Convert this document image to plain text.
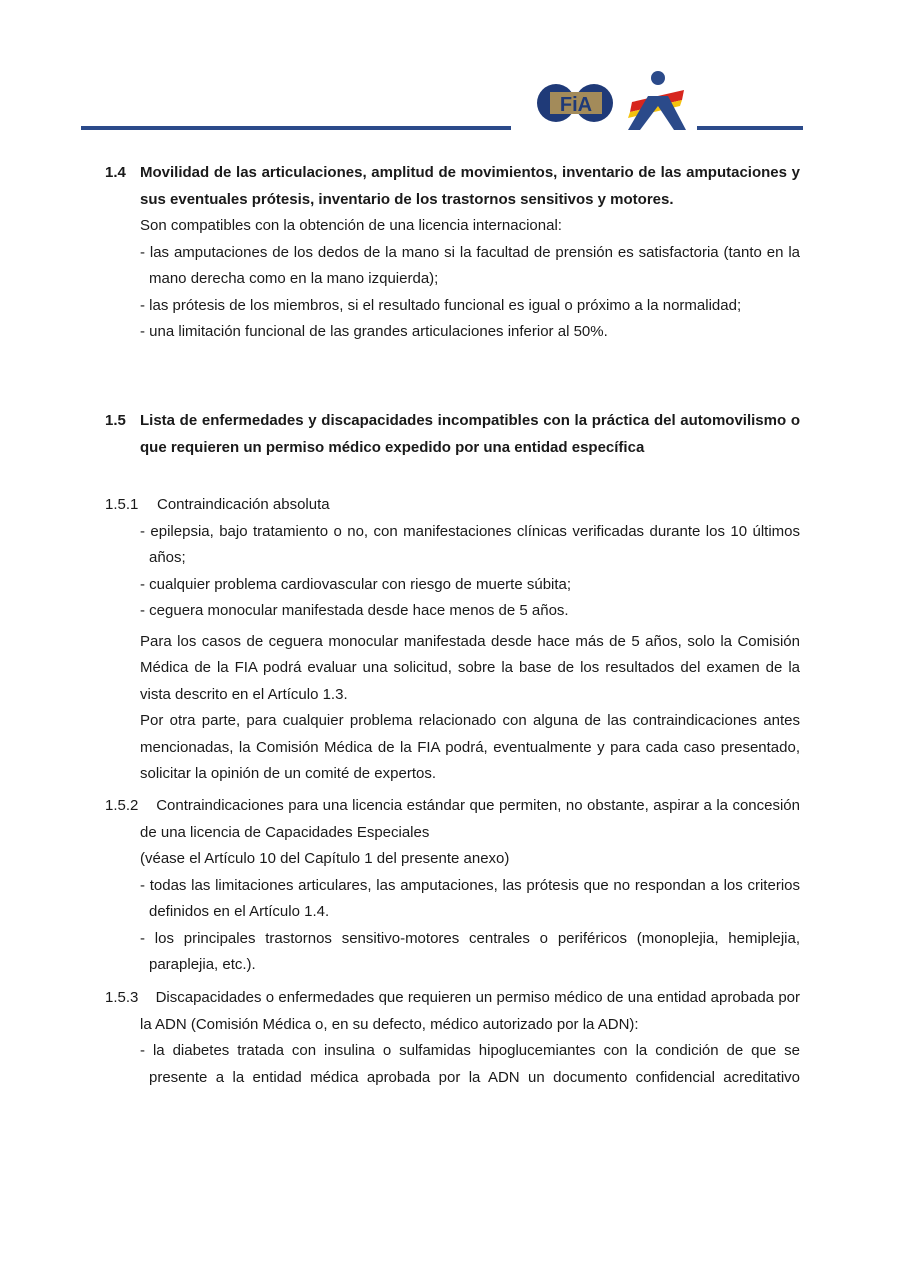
FiA
1.4 Movilidad de las articulaciones, amplitud de movimientos, inventario de las amputaciones y sus eventuales prótesis, inventario de los trastornos sensitivos y motores.
Son compatibles con la obtención de una licencia internacional:
- las amputaciones de los dedos de la mano si la facultad de prensión es satisfactoria (tanto en la mano derecha como en la mano izquierda);
- las prótesis de los miembros, si el resultado funcional es igual o próximo a la normalidad;
- una limitación funcional de las grandes articulaciones inferior al 50%.
1.5 Lista de enfermedades y discapacidades incompatibles con la práctica del automovilismo o que requieren un permiso médico expedido por una entidad específica
1.5.1 Contraindicación absoluta
- epilepsia, bajo tratamiento o no, con manifestaciones clínicas verificadas durante los 10 últimos años;
- cualquier problema cardiovascular con riesgo de muerte súbita;
- ceguera monocular manifestada desde hace menos de 5 años.
Para los casos de ceguera monocular manifestada desde hace más de 5 años, solo la Comisión Médica de la FIA podrá evaluar una solicitud, sobre la base de los resultados del examen de la vista descrito en el Artículo 1.3.
Por otra parte, para cualquier problema relacionado con alguna de las contraindicaciones antes mencionadas, la Comisión Médica de la FIA podrá, eventualmente y para cada caso presentado, solicitar la opinión de un comité de expertos.
1.5.2 Contraindicaciones para una licencia estándar que permiten, no obstante, aspirar a la concesión de una licencia de Capacidades Especiales
(véase el Artículo 10 del Capítulo 1 del presente anexo)
- todas las limitaciones articulares, las amputaciones, las prótesis que no respondan a los criterios definidos en el Artículo 1.4.
- los principales trastornos sensitivo-motores centrales o periféricos (monoplejia, hemiplejia, paraplejia, etc.).
1.5.3 Discapacidades o enfermedades que requieren un permiso médico de una entidad aprobada por la ADN (Comisión Médica o, en su defecto, médico autorizado por la ADN):
- la diabetes tratada con insulina o sulfamidas hipoglucemiantes con la condición de que se presente a la entidad médica aprobada por la ADN un documento confidencial acreditativo
